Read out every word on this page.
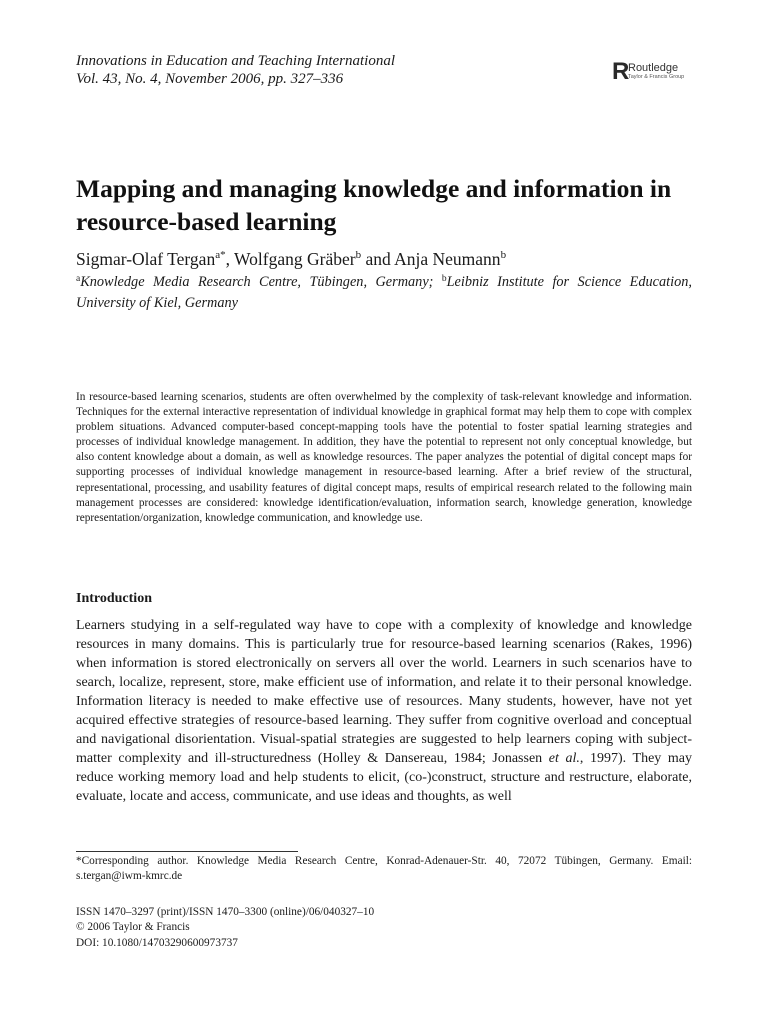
Innovations in Education and Teaching International
Vol. 43, No. 4, November 2006, pp. 327–336	R
Routledge
Taylor & Francis Group
Mapping and managing knowledge and information in resource-based learning
Sigmar-Olaf Tergan$^{a*}$, Wolfgang Gräber$^b$ and Anja Neumann$^b$
$^a$Knowledge Media Research Centre, Tübingen, Germany; $^b$Leibniz Institute for Science Education, University of Kiel, Germany

In resource-based learning scenarios, students are often overwhelmed by the complexity of task-relevant knowledge and information. Techniques for the external interactive representation of individual knowledge in graphical format may help them to cope with complex problem situations. Advanced computer-based concept-mapping tools have the potential to foster spatial learning strategies and processes of individual knowledge management. In addition, they have the potential to represent not only conceptual knowledge, but also content knowledge about a domain, as well as knowledge resources. The paper analyzes the potential of digital concept maps for supporting processes of individual knowledge management in resource-based learning. After a brief review of the structural, representational, processing, and usability features of digital concept maps, results of empirical research related to the following main management processes are considered: knowledge identification/evaluation, information search, knowledge generation, knowledge representation/organization, knowledge communication, and knowledge use.

Introduction

Learners studying in a self-regulated way have to cope with a complexity of knowledge and knowledge resources in many domains. This is particularly true for resource-based learning scenarios (Rakes, 1996) when information is stored electronically on servers all over the world. Learners in such scenarios have to search, localize, represent, store, make efficient use of information, and relate it to their personal knowledge. Information literacy is needed to make effective use of resources. Many students, however, have not yet acquired effective strategies of resource-based learning. They suffer from cognitive overload and conceptual and navigational disorientation. Visual-spatial strategies are suggested to help learners coping with subject-matter complexity and ill-structuredness (Holley & Dansereau, 1984; Jonassen et al., 1997). They may reduce working memory load and help students to elicit, (co-)construct, structure and restructure, elaborate, evaluate, locate and access, communicate, and use ideas and thoughts, as well

*Corresponding author. Knowledge Media Research Centre, Konrad-Adenauer-Str. 40, 72072 Tübingen, Germany. Email: s.tergan@iwm-kmrc.de

ISSN 1470–3297 (print)/ISSN 1470–3300 (online)/06/040327–10
© 2006 Taylor & Francis
DOI: 10.1080/14703290600973737
